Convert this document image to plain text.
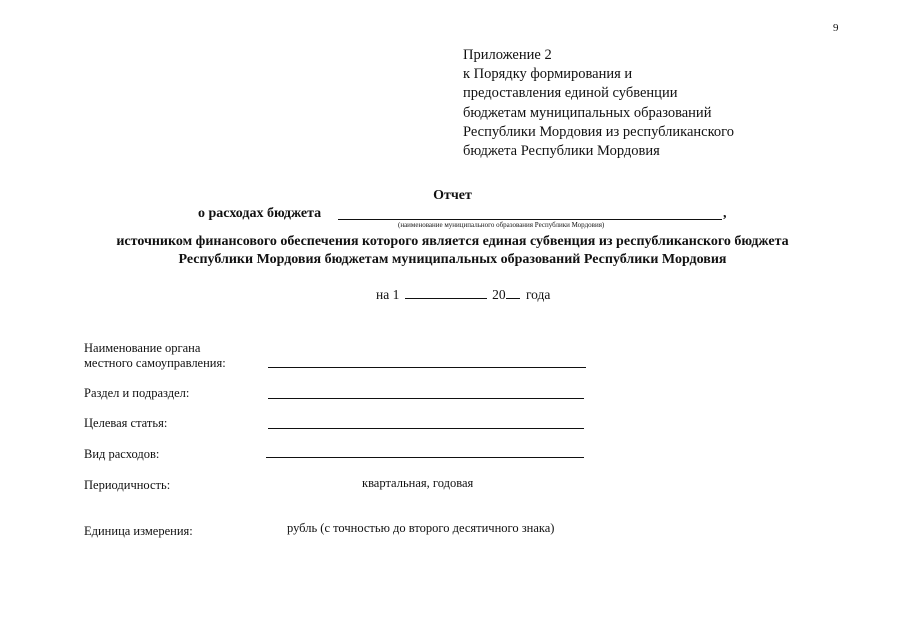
9
Приложение 2
к Порядку формирования и
предоставления единой субвенции
бюджетам муниципальных образований
Республики Мордовия из республиканского
бюджета Республики Мордовия
Отчет
о расходах бюджета	,
(наименование муниципального образования Республики Мордовия)
источником финансового обеспечения которого является единая субвенция из республиканского бюджета
Республики Мордовия бюджетам муниципальных образований Республики Мордовия
на 1	20 года
Наименование органа
местного самоуправления:
Раздел и подраздел:
Целевая статья:
Вид расходов:
Периодичность:	квартальная, годовая
Единица измерения:	рубль (с точностью до второго десятичного знака)
